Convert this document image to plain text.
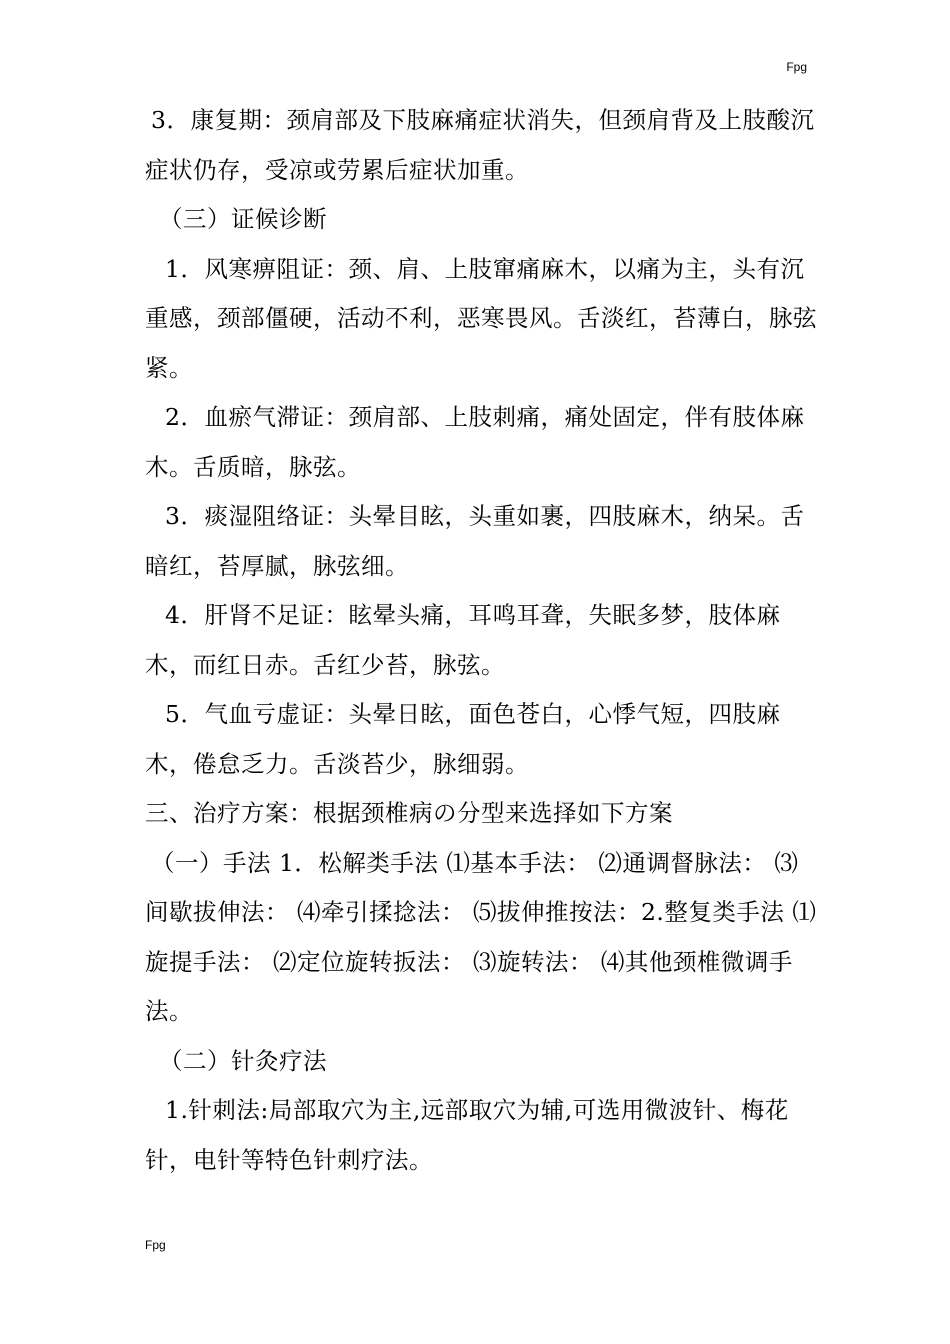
Fpg

3．康复期：颈肩部及下肢麻痛症状消失，但颈肩背及上肢酸沉症状仍存，受凉或劳累后症状加重。

（三）证候诊断

1．风寒痹阻证：颈、肩、上肢窜痛麻木，以痛为主，头有沉重感，颈部僵硬，活动不利，恶寒畏风。舌淡红，苔薄白，脉弦紧。

2．血瘀气滞证：颈肩部、上肢刺痛，痛处固定，伴有肢体麻木。舌质暗，脉弦。

3．痰湿阻络证：头晕目眩，头重如裹，四肢麻木，纳呆。舌暗红，苔厚腻，脉弦细。

4．肝肾不足证：眩晕头痛，耳鸣耳聋，失眠多梦，肢体麻木，而红日赤。舌红少苔，脉弦。

5．气血亏虚证：头晕日眩，面色苍白，心悸气短，四肢麻木，倦怠乏力。舌淡苔少，脉细弱。

三、治疗方案：根据颈椎病の分型来选择如下方案

（一）手法 1．松解类手法 ⑴基本手法： ⑵通调督脉法： ⑶间歇拔伸法： ⑷牵引揉捻法： ⑸拔伸推按法：2.整复类手法 ⑴旋提手法： ⑵定位旋转扳法： ⑶旋转法： ⑷其他颈椎微调手法。

（二）针灸疗法

1.针刺法:局部取穴为主,远部取穴为辅,可选用微波针、梅花针，电针等特色针刺疗法。

Fpg
